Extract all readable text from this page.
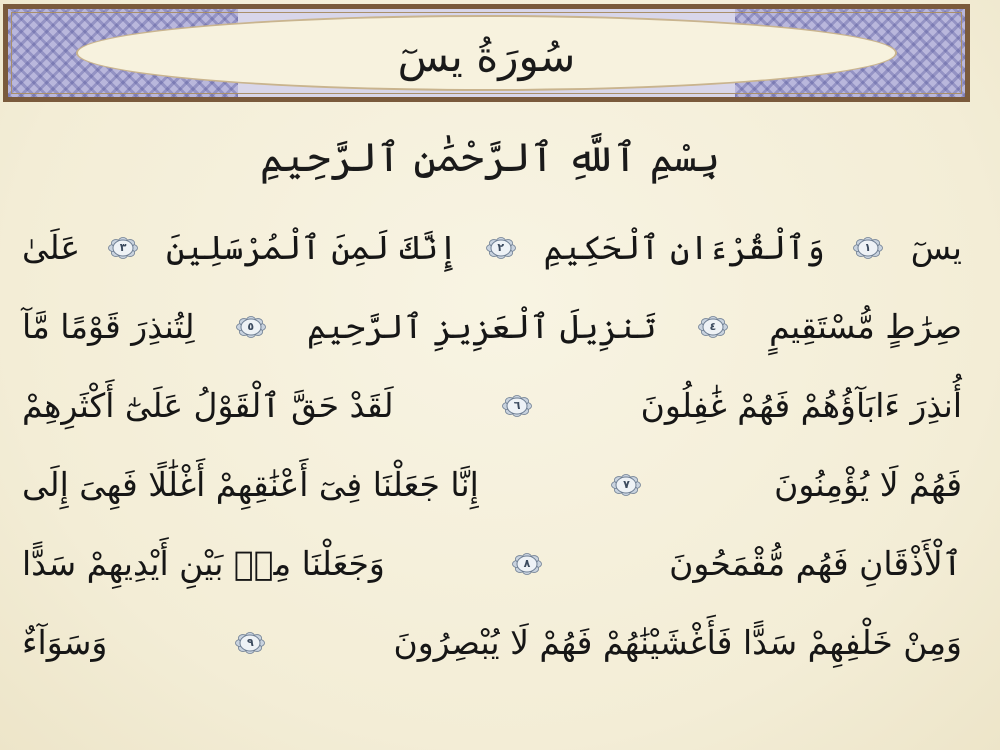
سُورَةُ يسٓ
بِسْمِ ٱللَّهِ ٱلرَّحْمَٰنِ ٱلرَّحِيمِ
يسٓ
١
وَٱلْقُرْءَانِ ٱلْحَكِيمِ
٢
إِنَّكَ لَمِنَ ٱلْمُرْسَلِينَ
٣
عَلَىٰ
صِرَٰطٍ مُّسْتَقِيمٍ
٤
تَنزِيلَ ٱلْعَزِيزِ ٱلرَّحِيمِ
٥
لِتُنذِرَ قَوْمًا مَّآ
أُنذِرَ ءَابَآؤُهُمْ فَهُمْ غَٰفِلُونَ
٦
لَقَدْ حَقَّ ٱلْقَوْلُ عَلَىٰٓ أَكْثَرِهِمْ
فَهُمْ لَا يُؤْمِنُونَ
٧
إِنَّا جَعَلْنَا فِىٓ أَعْنَٰقِهِمْ أَغْلَٰلًا فَهِىَ إِلَى
ٱلْأَذْقَانِ فَهُم مُّقْمَحُونَ
٨
وَجَعَلْنَا مِنۢ بَيْنِ أَيْدِيهِمْ سَدًّا
وَمِنْ خَلْفِهِمْ سَدًّا فَأَغْشَيْنَٰهُمْ فَهُمْ لَا يُبْصِرُونَ
٩
وَسَوَآءٌ
